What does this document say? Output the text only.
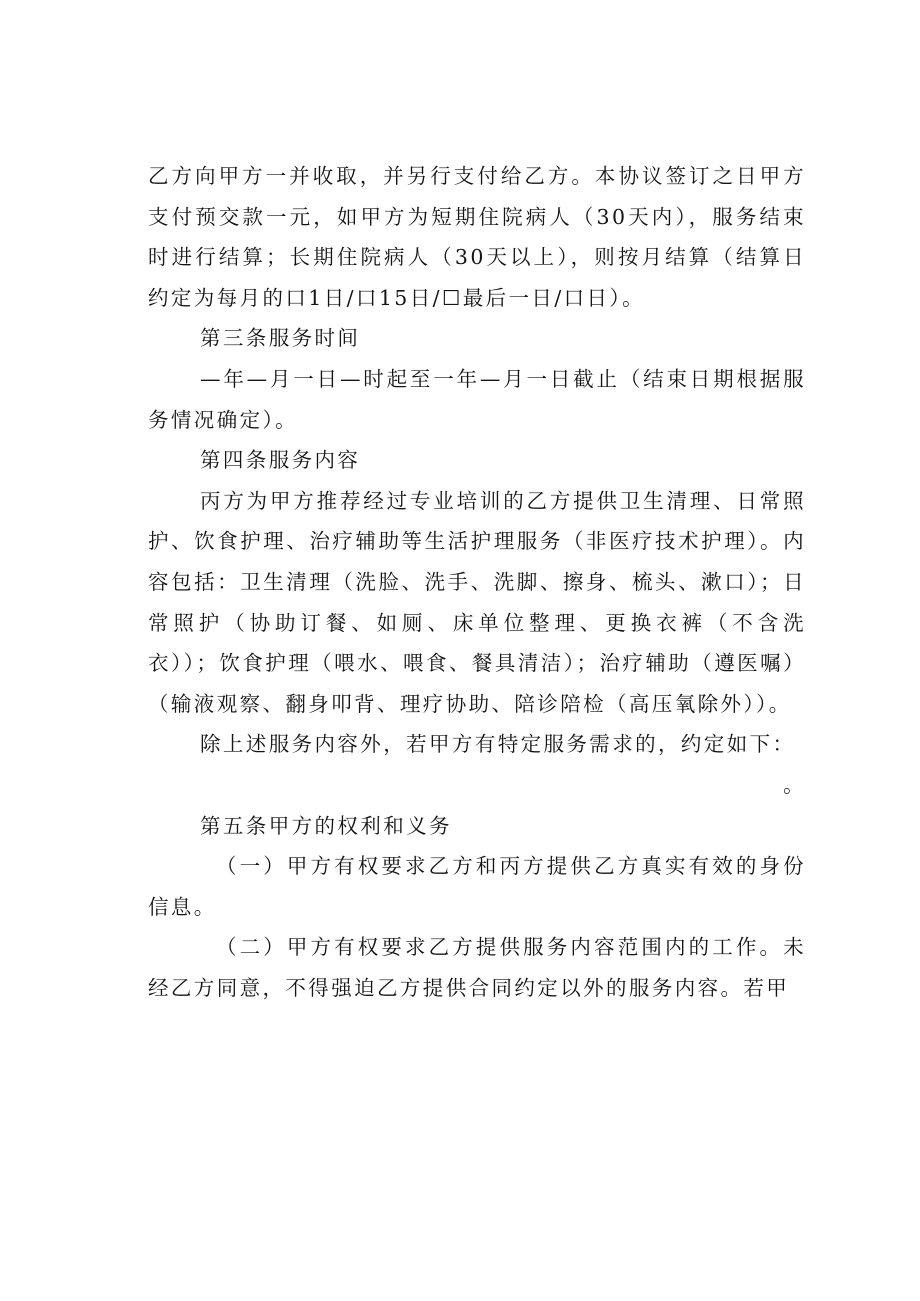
乙方向甲方一并收取，并另行支付给乙方。本协议签订之日甲方支付预交款一元，如甲方为短期住院病人（30天内），服务结束时进行结算；长期住院病人（30天以上），则按月结算（结算日约定为每月的口1日/口15日/☐最后一日/口日）。

第三条服务时间

—年—月一日—时起至一年—月一日截止（结束日期根据服务情况确定）。

第四条服务内容

丙方为甲方推荐经过专业培训的乙方提供卫生清理、日常照护、饮食护理、治疗辅助等生活护理服务（非医疗技术护理）。内容包括：卫生清理（洗脸、洗手、洗脚、擦身、梳头、漱口）；日常照护（协助订餐、如厕、床单位整理、更换衣裤（不含洗衣））；饮食护理（喂水、喂食、餐具清洁）；治疗辅助（遵医嘱）（输液观察、翻身叩背、理疗协助、陪诊陪检（高压氧除外））。

除上述服务内容外，若甲方有特定服务需求的，约定如下：

。

第五条甲方的权利和义务

（一）甲方有权要求乙方和丙方提供乙方真实有效的身份信息。

（二）甲方有权要求乙方提供服务内容范围内的工作。未经乙方同意，不得强迫乙方提供合同约定以外的服务内容。若甲
